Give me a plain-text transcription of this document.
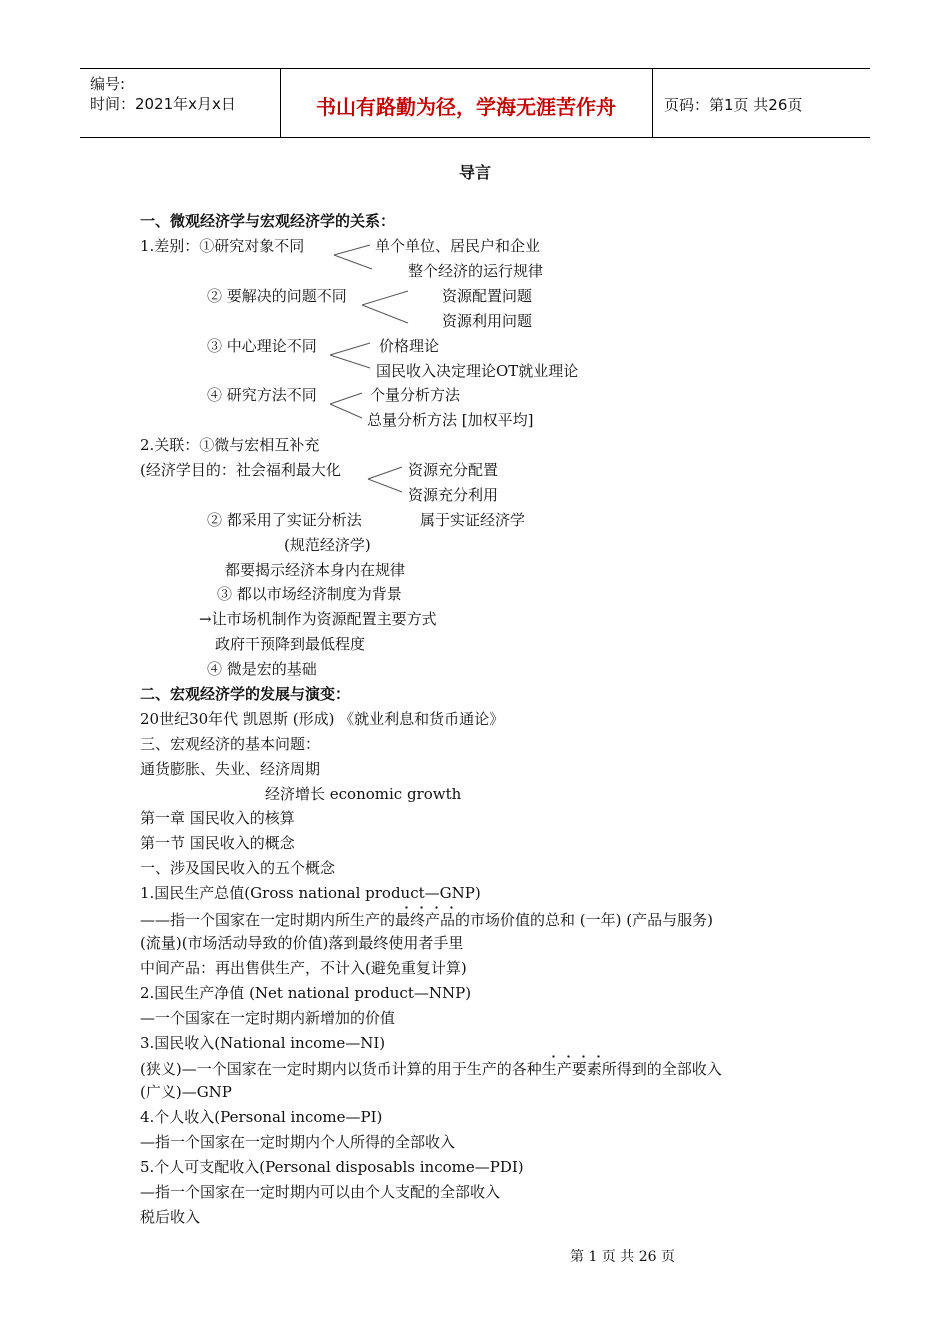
编号:
时间：2021年x月x日	书山有路勤为径，学海无涯苦作舟	页码：第1页 共26页
导言
一、微观经济学与宏观经济学的关系：
1.差别：①研究对象不同	单个单位、居民户和企业
整个经济的运行规律
② 要解决的问题不同	资源配置问题
资源利用问题
③ 中心理论不同	价格理论
国民收入决定理论OT就业理论
④ 研究方法不同	个量分析方法
总量分析方法 [加权平均]
2.关联：①微与宏相互补充
(经济学目的：社会福利最大化	资源充分配置
资源充分利用
② 都采用了实证分析法	属于实证经济学
(规范经济学)
都要揭示经济本身内在规律
③ 都以市场经济制度为背景
→让市场机制作为资源配置主要方式
政府干预降到最低程度
④ 微是宏的基础
二、宏观经济学的发展与演变：
20世纪30年代 凯恩斯 (形成) 《就业利息和货币通论》
三、宏观经济的基本问题：
通货膨胀、失业、经济周期
经济增长 economic growth
第一章 国民收入的核算
第一节 国民收入的概念
一、涉及国民收入的五个概念
1.国民生产总值(Gross national product—GNP)
——指一个国家在一定时期内所生产的最终产品的市场价值的总和 (一年) (产品与服务)
(流量)(市场活动导致的价值)落到最终使用者手里
中间产品：再出售供生产，不计入(避免重复计算)
2.国民生产净值 (Net national product—NNP)
—一个国家在一定时期内新增加的价值
3.国民收入(National income—NI)
(狭义)—一个国家在一定时期内以货币计算的用于生产的各种生产要素所得到的全部收入
(广义)—GNP
4.个人收入(Personal income—PI)
—指一个国家在一定时期内个人所得的全部收入
5.个人可支配收入(Personal disposabls income—PDI)
—指一个国家在一定时期内可以由个人支配的全部收入
税后收入
第 1 页 共 26 页
